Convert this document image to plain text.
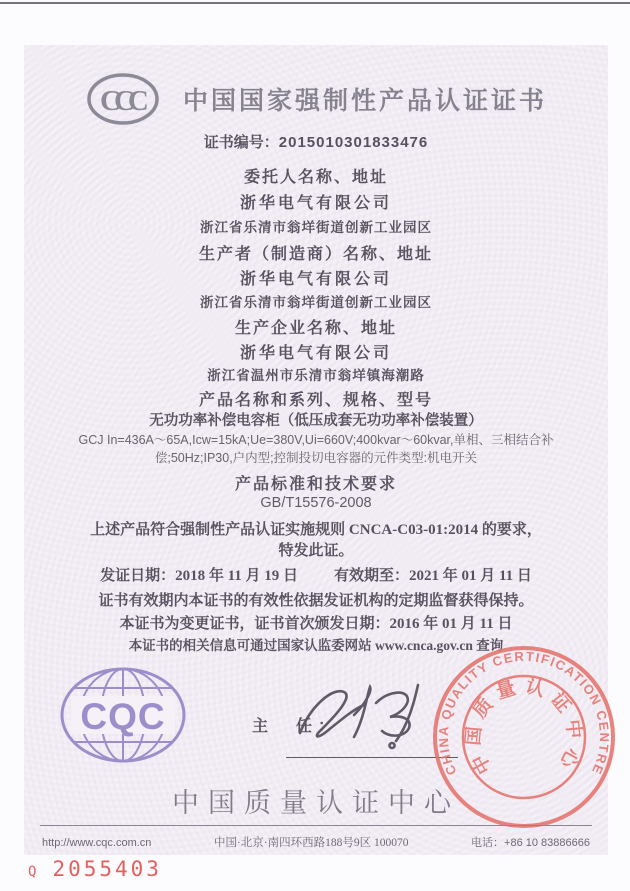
CCC 中国国家强制性产品认证证书
证书编号：2015010301833476
委托人名称、地址
浙华电气有限公司
浙江省乐清市翁垟街道创新工业园区
生产者（制造商）名称、地址
浙华电气有限公司
浙江省乐清市翁垟街道创新工业园区
生产企业名称、地址
浙华电气有限公司
浙江省温州市乐清市翁垟镇海潮路
产品名称和系列、规格、型号
无功功率补偿电容柜（低压成套无功功率补偿装置）
GCJ In=436A～65A,Icw=15kA;Ue=380V,Ui=660V;400kvar～60kvar,单相、三相结合补
偿;50Hz;IP30,户内型;控制投切电容器的元件类型:机电开关
产品标准和技术要求
GB/T15576-2008
上述产品符合强制性产品认证实施规则 CNCA-C03-01:2014 的要求，
特发此证。
发证日期：2018 年 11 月 19 日 有效期至：2021 年 01 月 11 日
证书有效期内本证书的有效性依据发证机构的定期监督获得保持。
本证书为变更证书，证书首次颁发日期：2016 年 01 月 11 日
本证书的相关信息可通过国家认监委网站 www.cnca.gov.cn 查询
CQC	主　任：
CHINA QUALITY CERTIFICATION CENTRE
中国质量认证中心
中国质量认证中心
http://www.cqc.com.cn	中国·北京·南四环西路188号9区 100070	电话：+86 10 83886666
Q 2055403
